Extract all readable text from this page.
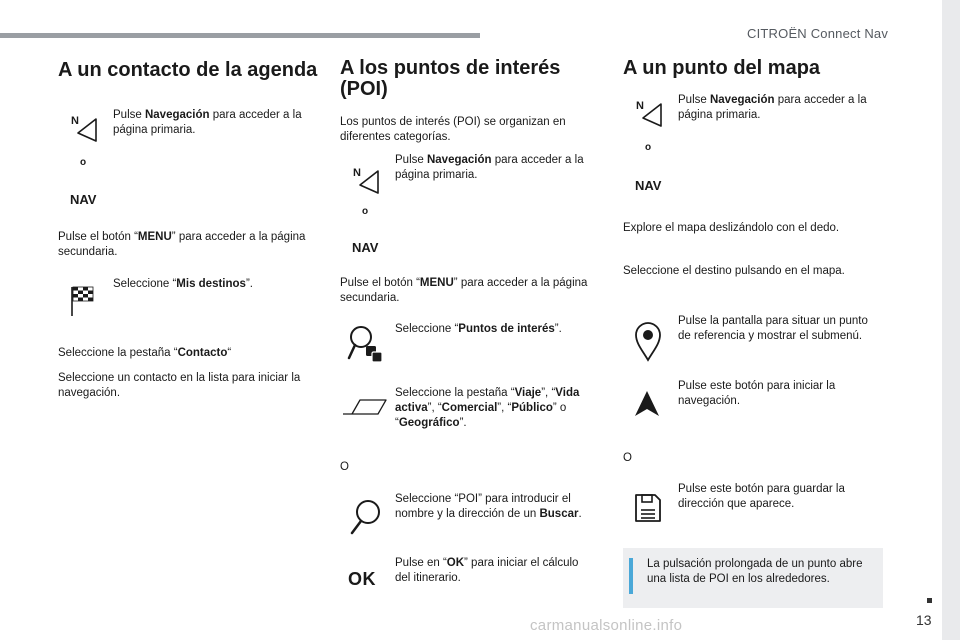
CITROËN Connect Nav
13
carmanualsonline.info
A un contacto de la agenda
N
o
NAV

Pulse Navegación para acceder a la página primaria.

Pulse el botón “MENU” para acceder a la página secundaria.

Seleccione “Mis destinos”.

Seleccione la pestaña “Contacto“

Seleccione un contacto en la lista para iniciar la navegación.

A los puntos de interés (POI)

Los puntos de interés (POI) se organizan en diferentes categorías.

N
o
NAV

Pulse Navegación para acceder a la página primaria.

Pulse el botón “MENU” para acceder a la página secundaria.

Seleccione “Puntos de interés”.

Seleccione la pestaña “Viaje”, “Vida activa”, “Comercial”, “Público” o “Geográfico”.

O

Seleccione “POI” para introducir el nombre y la dirección de un Buscar.

OK

Pulse en “OK” para iniciar el cálculo del itinerario.

A un punto del mapa
N
o
NAV

Pulse Navegación para acceder a la página primaria.

Explore el mapa deslizándolo con el dedo.

Seleccione el destino pulsando en el mapa.

Pulse la pantalla para situar un punto de referencia y mostrar el submenú.

Pulse este botón para iniciar la navegación.

O

Pulse este botón para guardar la dirección que aparece.

La pulsación prolongada de un punto abre una lista de POI en los alrededores.
